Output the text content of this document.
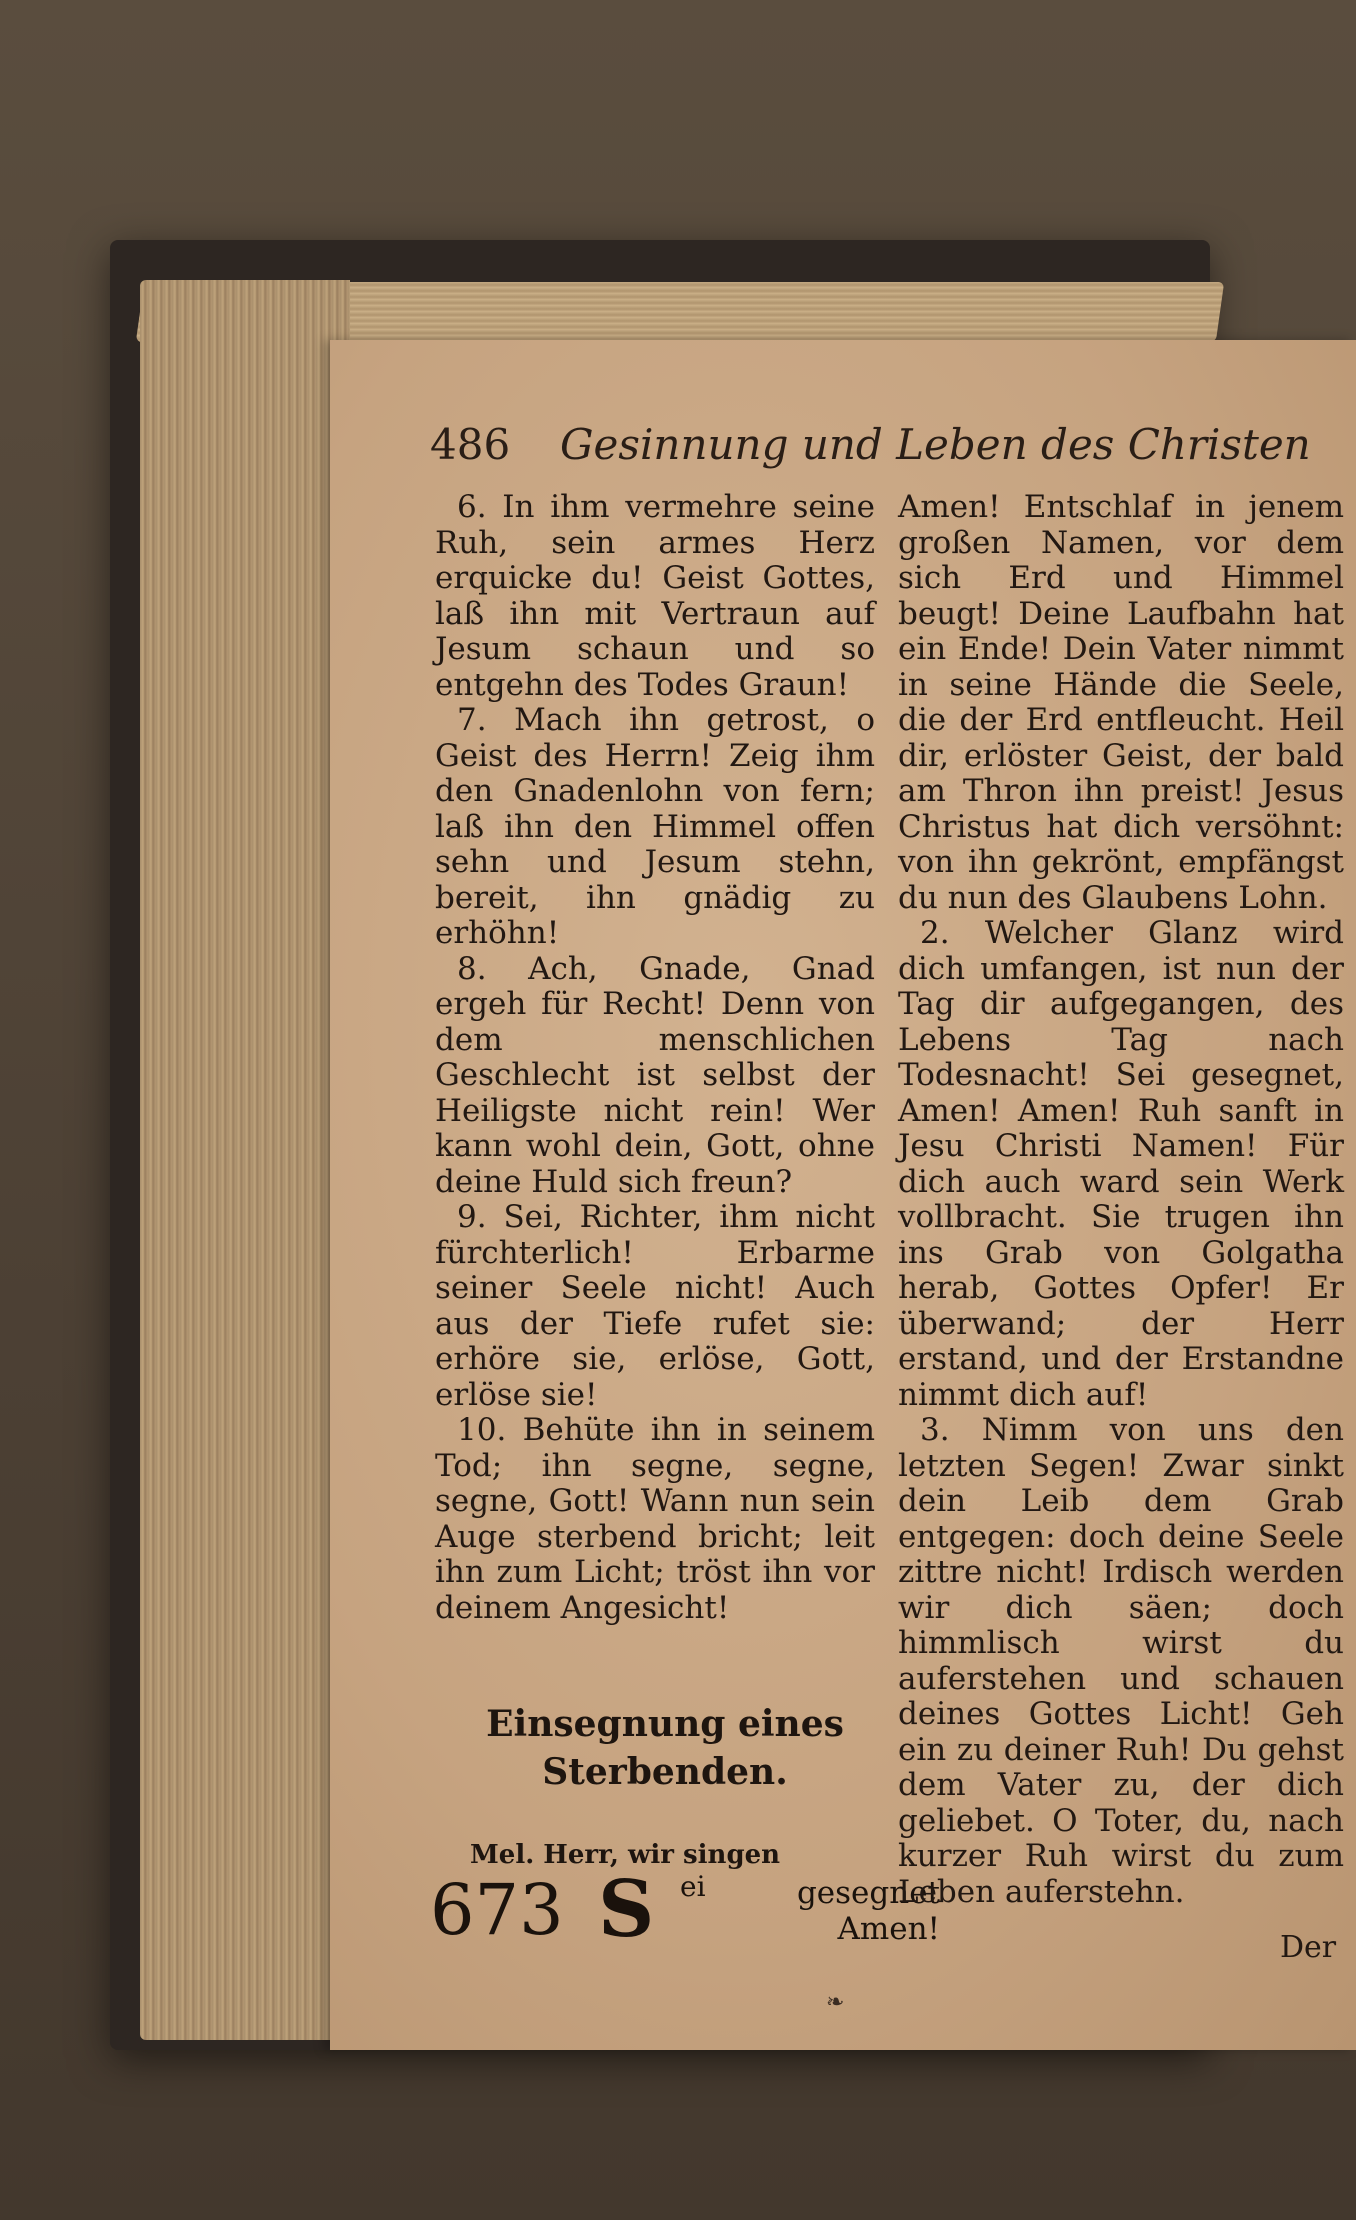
486 Gesinnung und Leben des Christen

6. In ihm vermehre seine Ruh, sein armes Herz erquicke du! Geist Gottes, laß ihn mit Vertraun auf Jesum schaun und so entgehn des Todes Graun!

7. Mach ihn getrost, o Geist des Herrn! Zeig ihm den Gnadenlohn von fern; laß ihn den Himmel offen sehn und Jesum stehn, bereit, ihn gnädig zu erhöhn!

8. Ach, Gnade, Gnad ergeh für Recht! Denn von dem menschlichen Geschlecht ist selbst der Heiligste nicht rein! Wer kann wohl dein, Gott, ohne deine Huld sich freun?

9. Sei, Richter, ihm nicht fürchterlich! Erbarme seiner Seele nicht! Auch aus der Tiefe rufet sie: erhöre sie, erlöse, Gott, erlöse sie!

10. Behüte ihn in seinem Tod; ihn segne, segne, segne, Gott! Wann nun sein Auge sterbend bricht; leit ihn zum Licht; tröst ihn vor deinem Angesicht!

Einsegnung eines Sterbenden.
Mel. Herr, wir singen
673 S ei	gesegnet Amen!

Amen! Entschlaf in jenem großen Namen, vor dem sich Erd und Himmel beugt! Deine Laufbahn hat ein Ende! Dein Vater nimmt in seine Hände die Seele, die der Erd entfleucht. Heil dir, erlöster Geist, der bald am Thron ihn preist! Jesus Christus hat dich versöhnt: von ihn gekrönt, empfängst du nun des Glaubens Lohn.

2. Welcher Glanz wird dich umfangen, ist nun der Tag dir aufgegangen, des Lebens Tag nach Todesnacht! Sei gesegnet, Amen! Amen! Ruh sanft in Jesu Christi Namen! Für dich auch ward sein Werk vollbracht. Sie trugen ihn ins Grab von Golgatha herab, Gottes Opfer! Er überwand; der Herr erstand, und der Erstandne nimmt dich auf!

3. Nimm von uns den letzten Segen! Zwar sinkt dein Leib dem Grab entgegen: doch deine Seele zittre nicht! Irdisch werden wir dich säen; doch himmlisch wirst du auferstehen und schauen deines Gottes Licht! Geh ein zu deiner Ruh! Du gehst dem Vater zu, der dich geliebet. O Toter, du, nach kurzer Ruh wirst du zum Leben auferstehn.

Der
❧
